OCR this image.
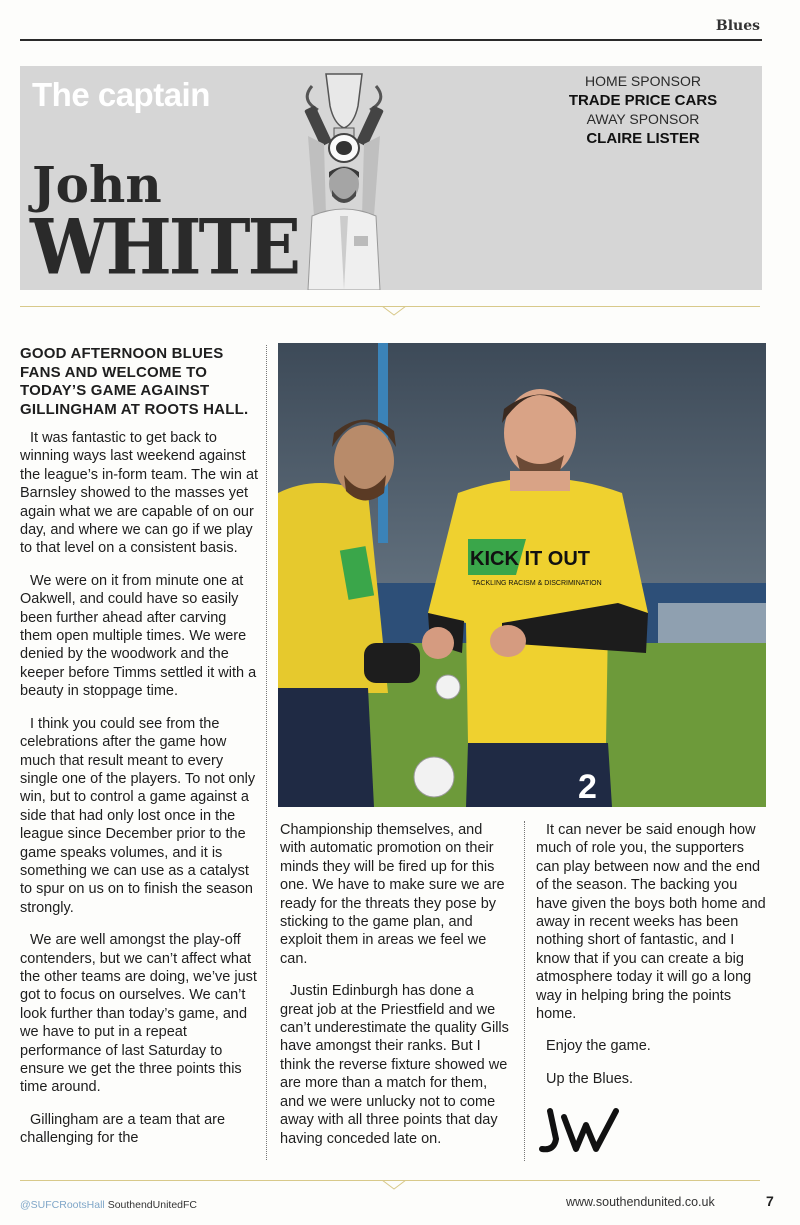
Blues
The captain
John
WHITE
HOME SPONSOR
TRADE PRICE CARS
AWAY SPONSOR
CLAIRE LISTER
GOOD AFTERNOON BLUES FANS AND WELCOME TO TODAY’S GAME AGAINST GILLINGHAM AT ROOTS HALL.

It was fantastic to get back to winning ways last weekend against the league’s in-form team. The win at Barnsley showed to the masses yet again what we are capable of on our day, and where we can go if we play to that level on a consistent basis.

We were on it from minute one at Oakwell, and could have so easily been further ahead after carving them open multiple times. We were denied by the woodwork and the keeper before Timms settled it with a beauty in stoppage time.

I think you could see from the celebrations after the game how much that result meant to every single one of the players. To not only win, but to control a game against a side that had only lost once in the league since December prior to the game speaks volumes, and it is something we can use as a catalyst to spur on us on to finish the season strongly.

We are well amongst the play-off contenders, but we can’t affect what the other teams are doing, we’ve just got to focus on ourselves. We can’t look further than today’s game, and we have to put in a repeat performance of last Saturday to ensure we get the three points this time around.

Gillingham are a team that are challenging for the

2
KICK IT OUT
TACKLING RACISM & DISCRIMINATION

Championship themselves, and with automatic promotion on their minds they will be fired up for this one. We have to make sure we are ready for the threats they pose by sticking to the game plan, and exploit them in areas we feel we can.

Justin Edinburgh has done a great job at the Priestfield and we can’t underestimate the quality Gills have amongst their ranks. But I think the reverse fixture showed we are more than a match for them, and we were unlucky not to come away with all three points that day having conceded late on.

It can never be said enough how much of role you, the supporters can play between now and the end of the season. The backing you have given the boys both home and away in recent weeks has been nothing short of fantastic, and I know that if you can create a big atmosphere today it will go a long way in helping bring the points home.

Enjoy the game.

Up the Blues.

@SUFCRootsHall SouthendUnitedFC	www.southendunited.co.uk	7
